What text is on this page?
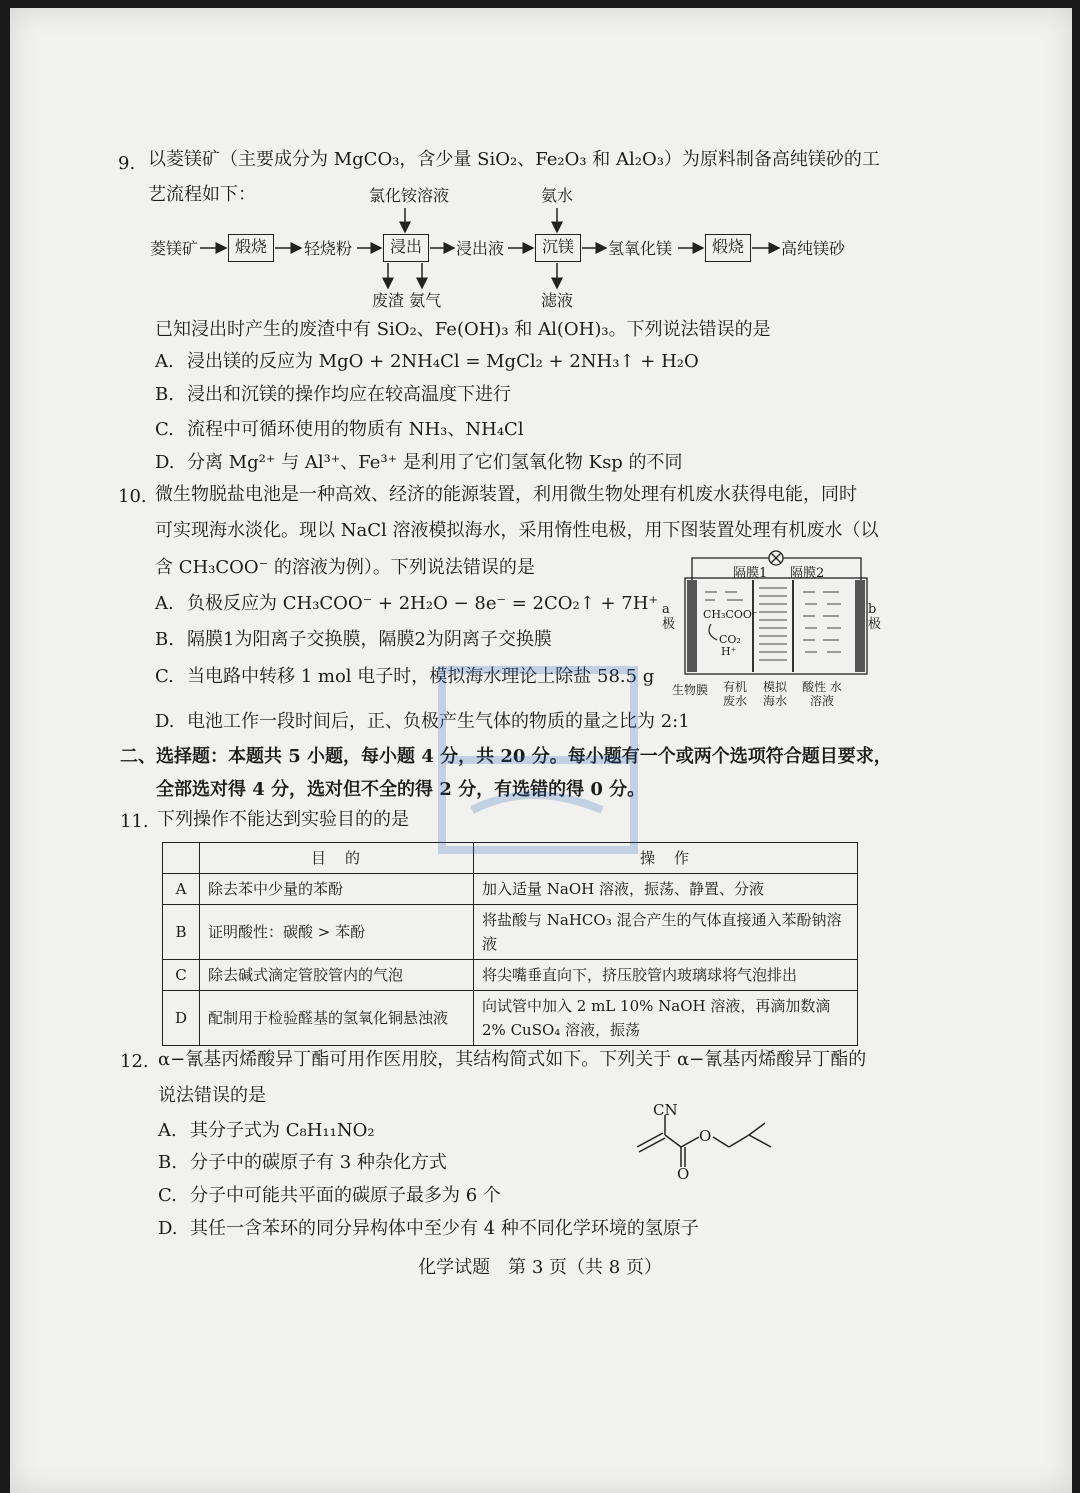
9. 以菱镁矿（主要成分为 MgCO₃，含少量 SiO₂、Fe₂O₃ 和 Al₂O₃）为原料制备高纯镁砂的工
艺流程如下：	氯化铵溶液	氨水
菱镁矿	煅烧	轻烧粉	浸出	浸出液	沉镁	氢氧化镁	煅烧	高纯镁砂
废渣 氨气	滤液
已知浸出时产生的废渣中有 SiO₂、Fe(OH)₃ 和 Al(OH)₃。下列说法错误的是
A. 浸出镁的反应为 MgO + 2NH₄Cl = MgCl₂ + 2NH₃↑ + H₂O
B. 浸出和沉镁的操作均应在较高温度下进行
C. 流程中可循环使用的物质有 NH₃、NH₄Cl
D. 分离 Mg²⁺ 与 Al³⁺、Fe³⁺ 是利用了它们氢氧化物 Ksp 的不同
10. 微生物脱盐电池是一种高效、经济的能源装置，利用微生物处理有机废水获得电能，同时
可实现海水淡化。现以 NaCl 溶液模拟海水，采用惰性电极，用下图装置处理有机废水（以
含 CH₃COO⁻ 的溶液为例）。下列说法错误的是
A. 负极反应为 CH₃COO⁻ + 2H₂O − 8e⁻ = 2CO₂↑ + 7H⁺
B. 隔膜1为阳离子交换膜，隔膜2为阴离子交换膜
C. 当电路中转移 1 mol 电子时，模拟海水理论上除盐 58.5 g
D. 电池工作一段时间后，正、负极产生气体的物质的量之比为 2:1
隔膜1 隔膜2
a 极
b 极
CH₃COO⁻
CO₂
H⁺
生物膜 有机 废水
模拟 海水
酸性 水溶液
二、选择题：本题共 5 小题，每小题 4 分，共 20 分。每小题有一个或两个选项符合题目要求，
全部选对得 4 分，选对但不全的得 2 分，有选错的得 0 分。
11. 下列操作不能达到实验目的的是
	目　的	操　作
A	除去苯中少量的苯酚	加入适量 NaOH 溶液，振荡、静置、分液
B	证明酸性：碳酸 > 苯酚	将盐酸与 NaHCO₃ 混合产生的气体直接通入苯酚钠溶液
C	除去碱式滴定管胶管内的气泡	将尖嘴垂直向下，挤压胶管内玻璃球将气泡排出
D	配制用于检验醛基的氢氧化铜悬浊液	向试管中加入 2 mL 10% NaOH 溶液，再滴加数滴 2% CuSO₄ 溶液，振荡
12. α−氰基丙烯酸异丁酯可用作医用胶，其结构简式如下。下列关于 α−氰基丙烯酸异丁酯的
说法错误的是
A. 其分子式为 C₈H₁₁NO₂
B. 分子中的碳原子有 3 种杂化方式
C. 分子中可能共平面的碳原子最多为 6 个
D. 其任一含苯环的同分异构体中至少有 4 种不同化学环境的氢原子
CN
O
O
化学试题　第 3 页（共 8 页）
